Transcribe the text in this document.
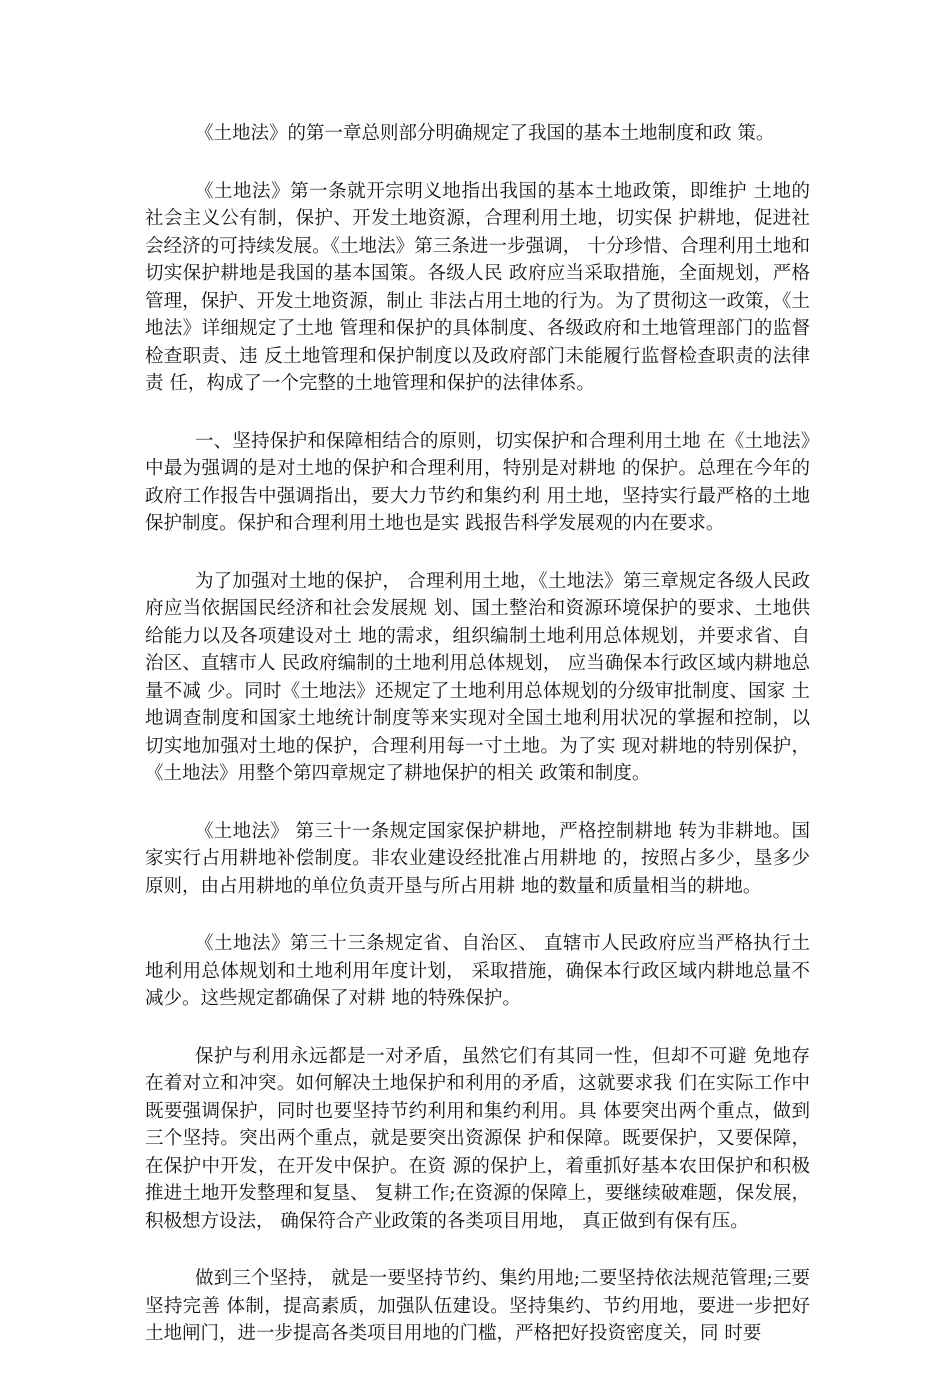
《土地法》的第一章总则部分明确规定了我国的基本土地制度和政 策。

《土地法》第一条就开宗明义地指出我国的基本土地政策，即维护 土地的社会主义公有制，保护、开发土地资源，合理利用土地，切实保 护耕地，促进社会经济的可持续发展。《土地法》第三条进一步强调， 十分珍惜、合理利用土地和切实保护耕地是我国的基本国策。各级人民 政府应当采取措施，全面规划，严格管理，保护、开发土地资源，制止 非法占用土地的行为。为了贯彻这一政策，《土地法》详细规定了土地 管理和保护的具体制度、各级政府和土地管理部门的监督检查职责、违 反土地管理和保护制度以及政府部门未能履行监督检查职责的法律责 任，构成了一个完整的土地管理和保护的法律体系。

一、坚持保护和保障相结合的原则，切实保护和合理利用土地 在《土地法》中最为强调的是对土地的保护和合理利用，特别是对耕地 的保护。总理在今年的政府工作报告中强调指出，要大力节约和集约利 用土地，坚持实行最严格的土地保护制度。保护和合理利用土地也是实 践报告科学发展观的内在要求。

为了加强对土地的保护， 合理利用土地，《土地法》第三章规定各级人民政府应当依据国民经济和社会发展规 划、国土整治和资源环境保护的要求、土地供给能力以及各项建设对土 地的需求，组织编制土地利用总体规划，并要求省、自治区、直辖市人 民政府编制的土地利用总体规划， 应当确保本行政区域内耕地总量不减 少。同时《土地法》还规定了土地利用总体规划的分级审批制度、国家 土地调查制度和国家土地统计制度等来实现对全国土地利用状况的掌握和控制，以切实地加强对土地的保护，合理利用每一寸土地。为了实 现对耕地的特别保护， 《土地法》用整个第四章规定了耕地保护的相关 政策和制度。

《土地法》 第三十一条规定国家保护耕地，严格控制耕地 转为非耕地。国家实行占用耕地补偿制度。非农业建设经批准占用耕地 的，按照占多少，垦多少原则，由占用耕地的单位负责开垦与所占用耕 地的数量和质量相当的耕地。

《土地法》第三十三条规定省、自治区、 直辖市人民政府应当严格执行土地利用总体规划和土地利用年度计划， 采取措施，确保本行政区域内耕地总量不减少。这些规定都确保了对耕 地的特殊保护。

保护与利用永远都是一对矛盾，虽然它们有其同一性，但却不可避 免地存在着对立和冲突。如何解决土地保护和利用的矛盾，这就要求我 们在实际工作中既要强调保护，同时也要坚持节约利用和集约利用。具 体要突出两个重点，做到三个坚持。突出两个重点，就是要突出资源保 护和保障。既要保护，又要保障，在保护中开发，在开发中保护。在资 源的保护上，着重抓好基本农田保护和积极推进土地开发整理和复垦、 复耕工作;在资源的保障上，要继续破难题，保发展，积极想方设法， 确保符合产业政策的各类项目用地， 真正做到有保有压。

做到三个坚持， 就是一要坚持节约、集约用地;二要坚持依法规范管理;三要坚持完善 体制，提高素质，加强队伍建设。坚持集约、节约用地，要进一步把好 土地闸门，进一步提高各类项目用地的门槛，严格把好投资密度关，同 时要
